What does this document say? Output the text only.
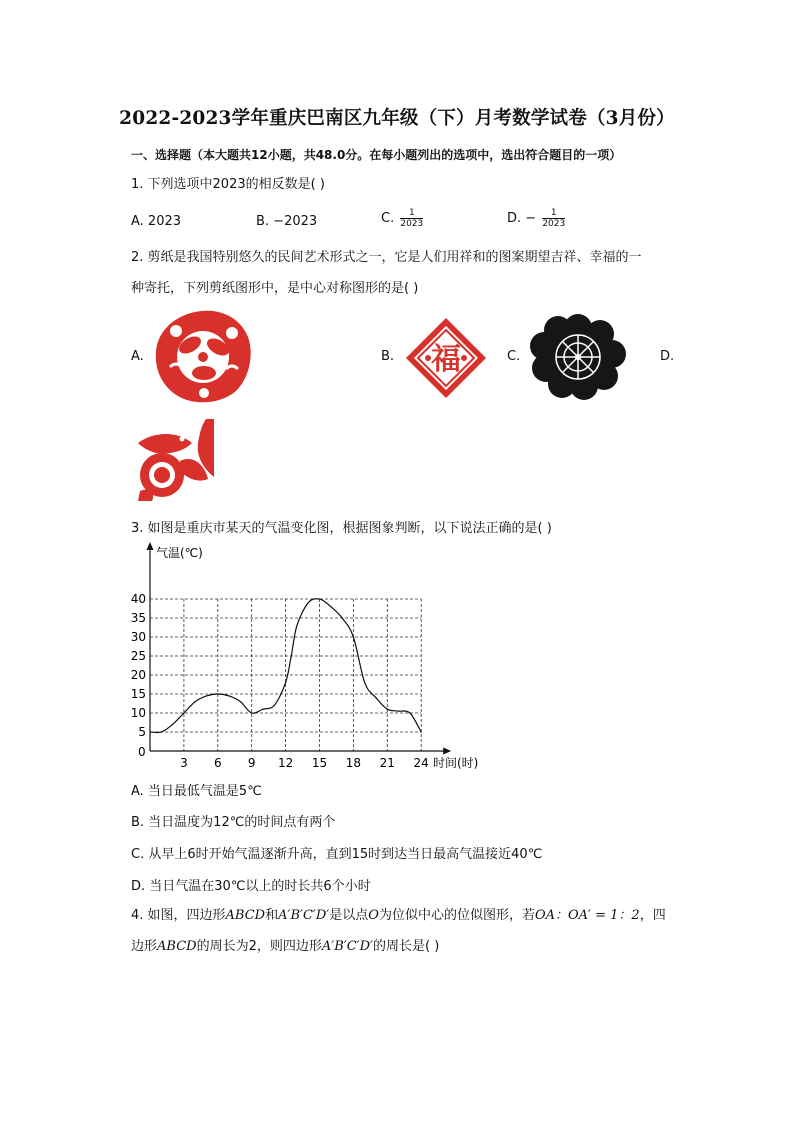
2022-2023学年重庆巴南区九年级（下）月考数学试卷（3月份）
一、选择题（本大题共12小题，共48.0分。在每小题列出的选项中，选出符合题目的一项）
1. 下列选项中2023的相反数是( )
A. 2023	B. −2023	C. $\frac{1}{2023}$	D. − $\frac{1}{2023}$
2. 剪纸是我国特别悠久的民间艺术形式之一，它是人们用祥和的图案期望吉祥、幸福的一
种寄托，下列剪纸图形中，是中心对称图形的是( )
A.	B. 福	C.	D.
3. 如图是重庆市某天的气温变化图，根据图象判断，以下说法正确的是( )
3 6 9 12 15 18 21 24
5
10
15
20
25
30
35
40
气温(℃)
时间(时)
0
A. 当日最低气温是5℃
B. 当日温度为12℃的时间点有两个
C. 从早上6时开始气温逐渐升高，直到15时到达当日最高气温接近40℃
D. 当日气温在30℃以上的时长共6个小时
4. 如图，四边形ABCD和A′B′C′D′是以点O为位似中心的位似图形，若OA：OA′ = 1：2，四
边形ABCD的周长为2，则四边形A′B′C′D′的周长是( )
